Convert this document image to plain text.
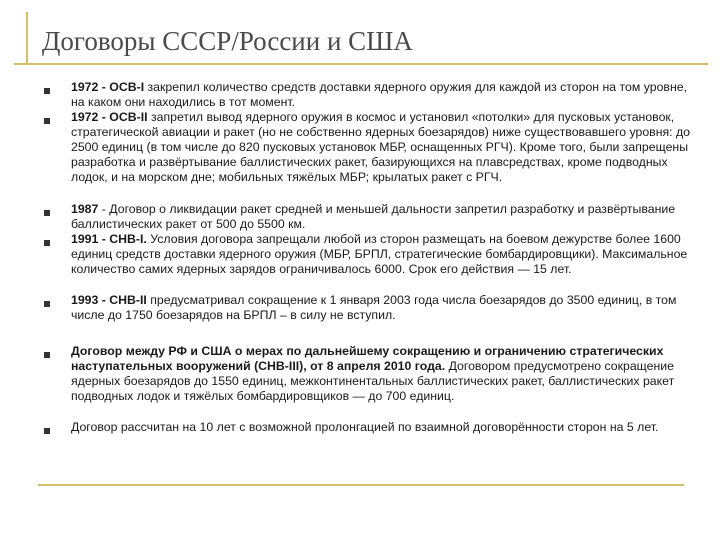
Договоры СССР/России и США
1972 - ОСВ-I закрепил количество средств доставки ядерного оружия для каждой из сторон на том уровне, на каком они находились в тот момент.
1972 - ОСВ-II запретил вывод ядерного оружия в космос и установил «потолки» для пусковых установок, стратегической авиации и ракет (но не собственно ядерных боезарядов) ниже существовавшего уровня: до 2500 единиц (в том числе до 820 пусковых установок МБР, оснащенных РГЧ). Кроме того, были запрещены разработка и развёртывание баллистических ракет, базирующихся на плавсредствах, кроме подводных лодок, и на морском дне; мобильных тяжёлых МБР; крылатых ракет с РГЧ.
1987 - Договор о ликвидации ракет средней и меньшей дальности запретил разработку и развёртывание баллистических ракет от 500 до 5500 км.
1991 - СНВ-I. Условия договора запрещали любой из сторон размещать на боевом дежурстве более 1600 единиц средств доставки ядерного оружия (МБР, БРПЛ, стратегические бомбардировщики). Максимальное количество самих ядерных зарядов ограничивалось 6000. Срок его действия — 15 лет.
1993 - СНВ-II предусматривал сокращение к 1 января 2003 года числа боезарядов до 3500 единиц, в том числе до 1750 боезарядов на БРПЛ – в силу не вступил.
Договор между РФ и США о мерах по дальнейшему сокращению и ограничению стратегических наступательных вооружений (СНВ-III), от 8 апреля 2010 года. Договором предусмотрено сокращение ядерных боезарядов до 1550 единиц, межконтинентальных баллистических ракет, баллистических ракет подводных лодок и тяжёлых бомбардировщиков — до 700 единиц.
Договор рассчитан на 10 лет с возможной пролонгацией по взаимной договорённости сторон на 5 лет.
